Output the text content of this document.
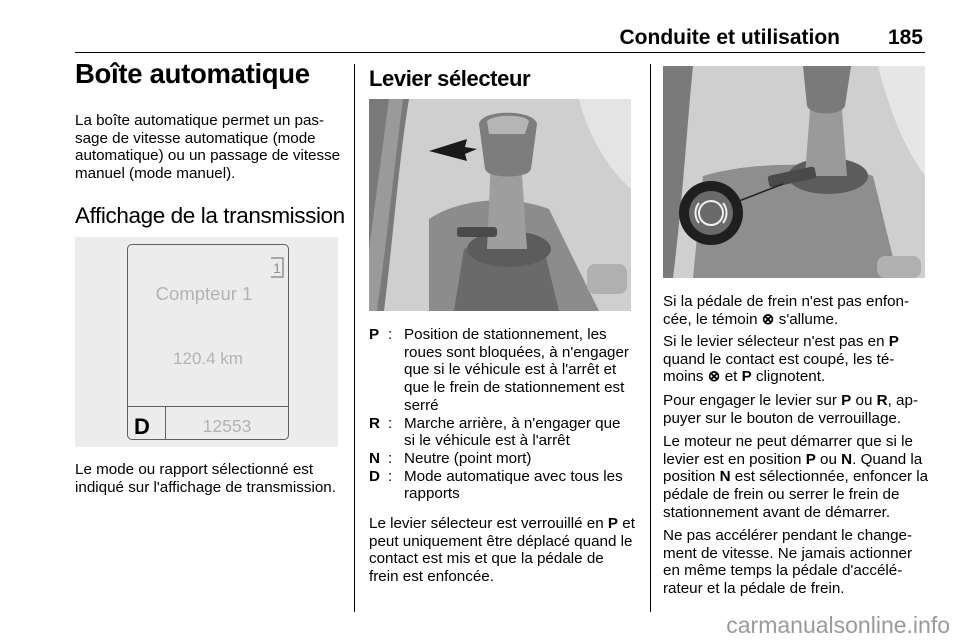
Conduite et utilisation 185
Boîte automatique

La boîte automatique permet un passage de vitesse automatique (mode automatique) ou un passage de vitesse manuel (mode manuel).

Affichage de la transmission
Compteur 1
1
120.4 km
D	12553

Le mode ou rapport sélectionné est indiqué sur l'affichage de transmission.

Levier sélecteur
P : Position de stationnement, les roues sont bloquées, à n'engager que si le véhicule est à l'arrêt et que le frein de stationnement est serré
R : Marche arrière, à n'engager que si le véhicule est à l'arrêt
N : Neutre (point mort)
D : Mode automatique avec tous les rapports

Le levier sélecteur est verrouillé en P et peut uniquement être déplacé quand le contact est mis et que la pédale de frein est enfoncée.

Si la pédale de frein n'est pas enfoncée, le témoin ⊗ s'allume.

Si le levier sélecteur n'est pas en P quand le contact est coupé, les témoins ⊗ et P clignotent.

Pour engager le levier sur P ou R, appuyer sur le bouton de verrouillage.

Le moteur ne peut démarrer que si le levier est en position P ou N. Quand la position N est sélectionnée, enfoncer la pédale de frein ou serrer le frein de stationnement avant de démarrer.

Ne pas accélérer pendant le changement de vitesse. Ne jamais actionner en même temps la pédale d'accélérateur et la pédale de frein.

carmanualsonline.info
